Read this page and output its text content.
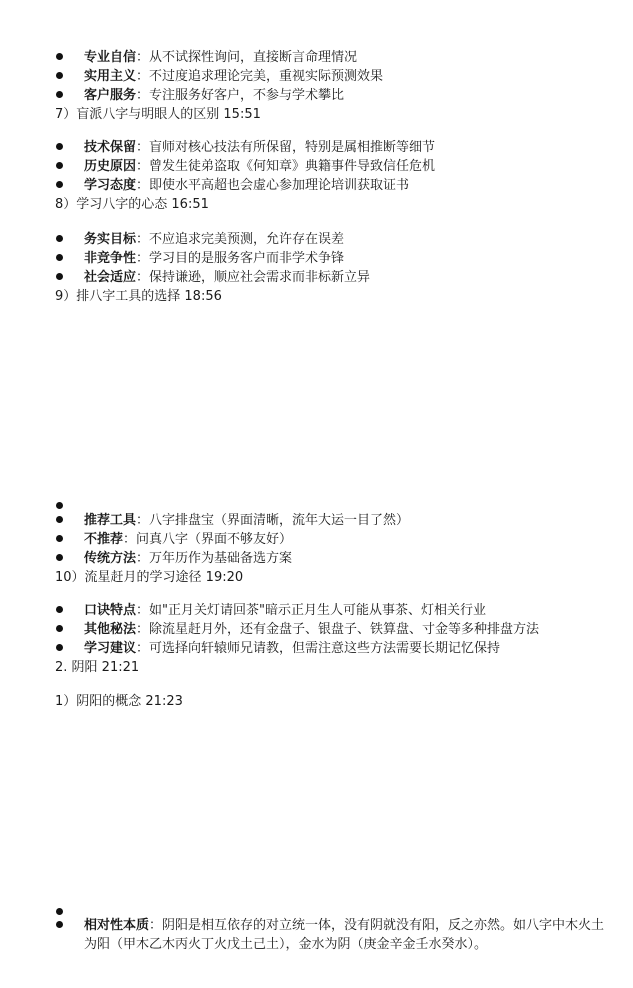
专业自信：从不试探性询问，直接断言命理情况
实用主义：不过度追求理论完美，重视实际预测效果
客户服务：专注服务好客户，不参与学术攀比
7）盲派八字与明眼人的区别 15:51
技术保留：盲师对核心技法有所保留，特别是属相推断等细节
历史原因：曾发生徒弟盗取《何知章》典籍事件导致信任危机
学习态度：即使水平高超也会虚心参加理论培训获取证书
8）学习八字的心态 16:51
务实目标：不应追求完美预测，允许存在误差
非竞争性：学习目的是服务客户而非学术争锋
社会适应：保持谦逊，顺应社会需求而非标新立异
9）排八字工具的选择 18:56
推荐工具：八字排盘宝（界面清晰，流年大运一目了然）
不推荐：问真八字（界面不够友好）
传统方法：万年历作为基础备选方案
10）流星赶月的学习途径 19:20
口诀特点：如"正月关灯请回茶"暗示正月生人可能从事茶、灯相关行业
其他秘法：除流星赶月外，还有金盘子、银盘子、铁算盘、寸金等多种排盘方法
学习建议：可选择向轩辕师兄请教，但需注意这些方法需要长期记忆保持
2. 阴阳 21:21
1）阴阳的概念 21:23
相对性本质：阴阳是相互依存的对立统一体，没有阴就没有阳，反之亦然。如八字中木火土为阳（甲木乙木丙火丁火戊土己土），金水为阴（庚金辛金壬水癸水）。
